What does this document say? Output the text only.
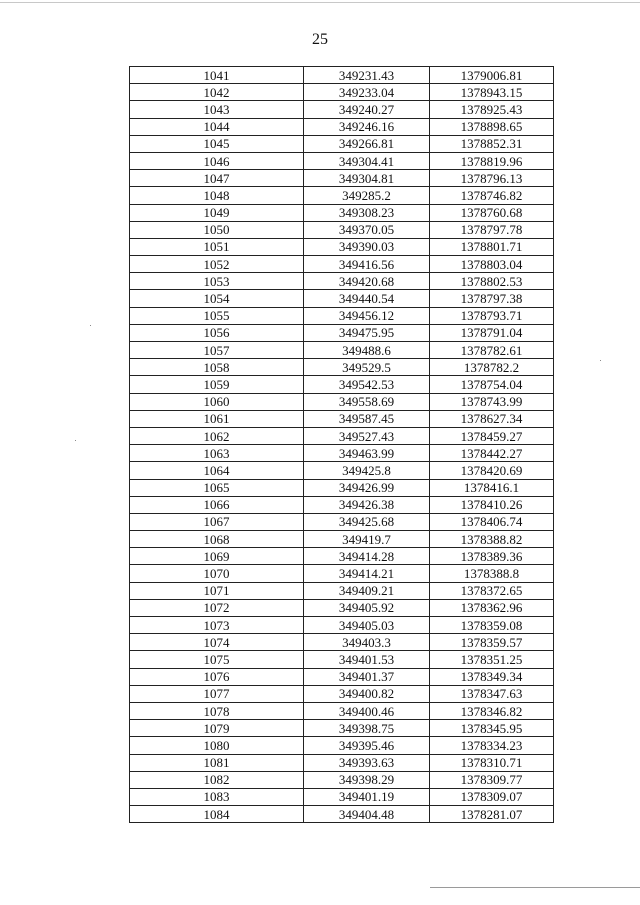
25
1041	349231.43	1379006.81
1042	349233.04	1378943.15
1043	349240.27	1378925.43
1044	349246.16	1378898.65
1045	349266.81	1378852.31
1046	349304.41	1378819.96
1047	349304.81	1378796.13
1048	349285.2	1378746.82
1049	349308.23	1378760.68
1050	349370.05	1378797.78
1051	349390.03	1378801.71
1052	349416.56	1378803.04
1053	349420.68	1378802.53
1054	349440.54	1378797.38
1055	349456.12	1378793.71
1056	349475.95	1378791.04
1057	349488.6	1378782.61
1058	349529.5	1378782.2
1059	349542.53	1378754.04
1060	349558.69	1378743.99
1061	349587.45	1378627.34
1062	349527.43	1378459.27
1063	349463.99	1378442.27
1064	349425.8	1378420.69
1065	349426.99	1378416.1
1066	349426.38	1378410.26
1067	349425.68	1378406.74
1068	349419.7	1378388.82
1069	349414.28	1378389.36
1070	349414.21	1378388.8
1071	349409.21	1378372.65
1072	349405.92	1378362.96
1073	349405.03	1378359.08
1074	349403.3	1378359.57
1075	349401.53	1378351.25
1076	349401.37	1378349.34
1077	349400.82	1378347.63
1078	349400.46	1378346.82
1079	349398.75	1378345.95
1080	349395.46	1378334.23
1081	349393.63	1378310.71
1082	349398.29	1378309.77
1083	349401.19	1378309.07
1084	349404.48	1378281.07
